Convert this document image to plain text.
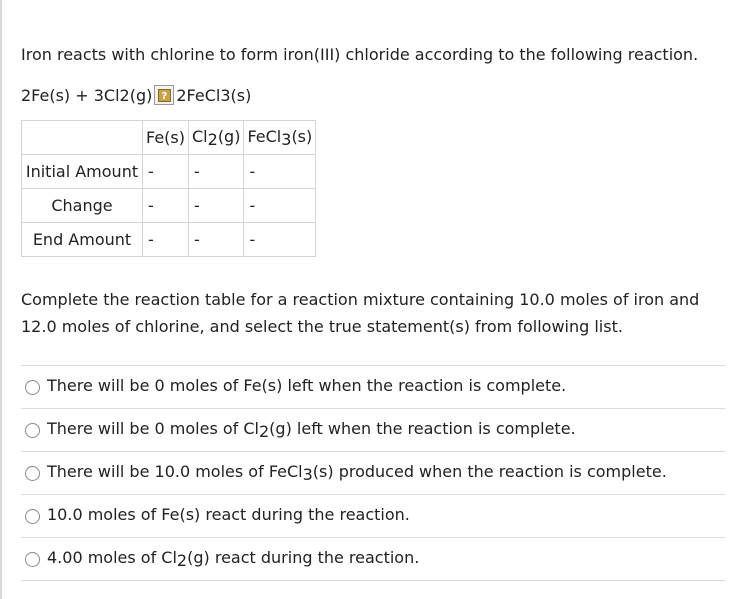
Iron reacts with chlorine to form iron(III) chloride according to the following reaction.
2Fe(s) + 3Cl 2 (g) ? 2FeCl 3 (s)
	Fe(s)	$Cl_2(g)$	FeCl$_3$(s)
Initial Amount	-	-	-
Change	-	-	-
End Amount	-	-	-
Complete the reaction table for a reaction mixture containing 10.0 moles of iron and 12.0 moles of chlorine, and select the true statement(s) from following list.
There will be 0 moles of Fe(s) left when the reaction is complete.
There will be 0 moles of $Cl_2(g)$ left when the reaction is complete.
There will be 10.0 moles of FeCl$_3$(s) produced when the reaction is complete.
10.0 moles of Fe(s) react during the reaction.
4.00 moles of $Cl_2(g)$ react during the reaction.
